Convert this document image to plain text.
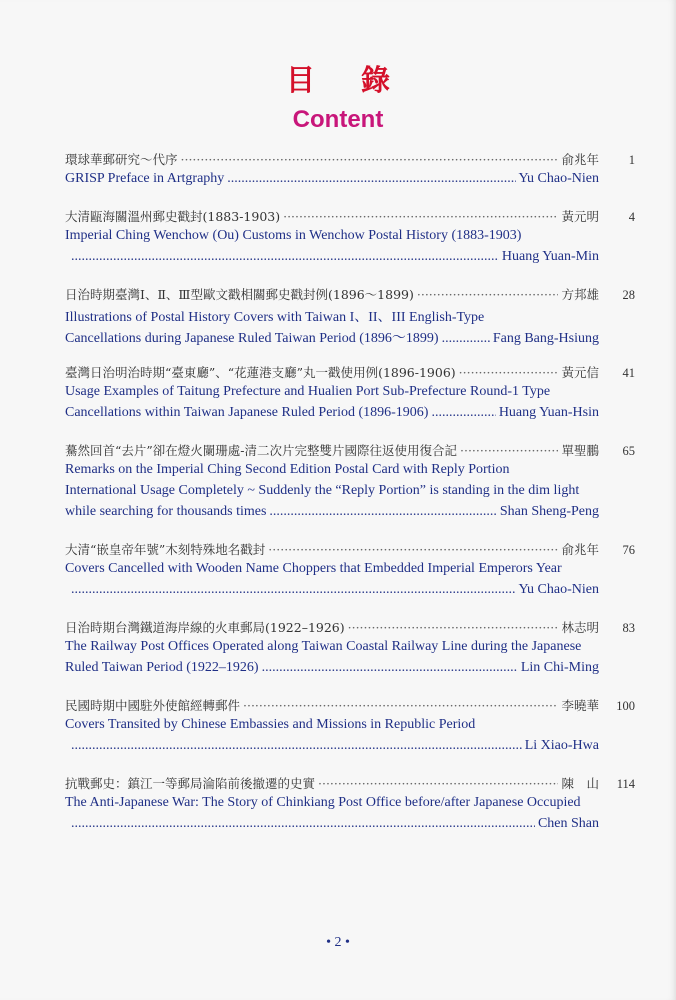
目 錄
Content
環球華郵研究～代序 ·····	俞兆年	1
GRISP Preface in Artgraphy .....	Yu Chao-Nien
大清甌海關溫州郵史戳封(1883-1903) ·····	黃元明	4
Imperial Ching Wenchow (Ou) Customs in Wenchow Postal History (1883-1903)
.....
Huang Yuan-Min
日治時期臺灣Ⅰ、Ⅱ、Ⅲ型歐文戳相關郵史戳封例(1896～1899) ·····	方邦雄	28
Illustrations of Postal History Covers with Taiwan I、II、III English-Type
Cancellations during Japanese Ruled Taiwan Period (1896～1899) .....	Fang Bang-Hsiung
臺灣日治明治時期“臺東廳”、“花蓮港支廳”丸一戳使用例(1896-1906) ·····	黃元信	41
Usage Examples of Taitung Prefecture and Hualien Port Sub-Prefecture Round-1 Type
Cancellations within Taiwan Japanese Ruled Period (1896-1906) .....	Huang Yuan-Hsin
驀然回首“去片”卻在燈火闌珊處-清二次片完整雙片國際往返使用復合記 ·····	單聖鵬	65
Remarks on the Imperial Ching Second Edition Postal Card with Reply Portion
International Usage Completely ~ Suddenly the “Reply Portion” is standing in the dim light
while searching for thousands times .....	Shan Sheng-Peng
大清“嵌皇帝年號”木刻特殊地名戳封 ·····	俞兆年	76
Covers Cancelled with Wooden Name Choppers that Embedded Imperial Emperors Year
.....
Yu Chao-Nien
日治時期台灣鐵道海岸線的火車郵局(1922–1926) ·····	林志明	83
The Railway Post Offices Operated along Taiwan Coastal Railway Line during the Japanese
Ruled Taiwan Period (1922–1926) .....	Lin Chi-Ming
民國時期中國駐外使館經轉郵件 ·····	李曉華	100
Covers Transited by Chinese Embassies and Missions in Republic Period
.....
Li Xiao-Hwa
抗戰郵史：鎮江一等郵局淪陷前後撤遷的史實 ·····	陳　山	114
The Anti-Japanese War: The Story of Chinkiang Post Office before/after Japanese Occupied
.....
Chen Shan
• 2 •
